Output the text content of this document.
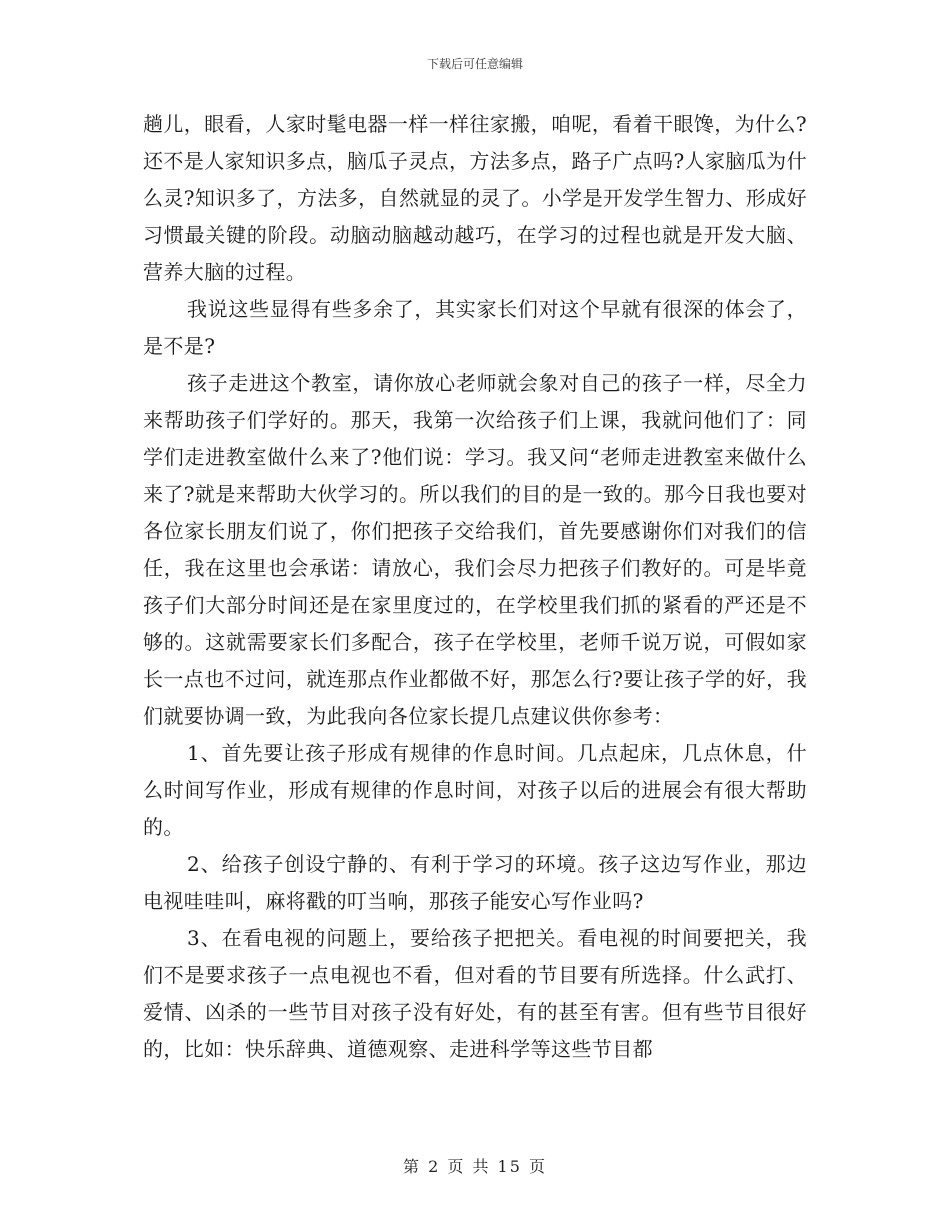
下载后可任意编辑

趟儿，眼看，人家时髦电器一样一样往家搬，咱呢，看着干眼馋，为什么?还不是人家知识多点，脑瓜子灵点，方法多点，路子广点吗?人家脑瓜为什么灵?知识多了，方法多，自然就显的灵了。小学是开发学生智力、形成好习惯最关键的阶段。动脑动脑越动越巧，在学习的过程也就是开发大脑、营养大脑的过程。

我说这些显得有些多余了，其实家长们对这个早就有很深的体会了，是不是?

孩子走进这个教室，请你放心老师就会象对自己的孩子一样，尽全力来帮助孩子们学好的。那天，我第一次给孩子们上课，我就问他们了：同学们走进教室做什么来了?他们说：学习。我又问“老师走进教室来做什么来了?就是来帮助大伙学习的。所以我们的目的是一致的。那今日我也要对各位家长朋友们说了，你们把孩子交给我们，首先要感谢你们对我们的信任，我在这里也会承诺：请放心，我们会尽力把孩子们教好的。可是毕竟孩子们大部分时间还是在家里度过的，在学校里我们抓的紧看的严还是不够的。这就需要家长们多配合，孩子在学校里，老师千说万说，可假如家长一点也不过问，就连那点作业都做不好，那怎么行?要让孩子学的好，我们就要协调一致，为此我向各位家长提几点建议供你参考：

1、首先要让孩子形成有规律的作息时间。几点起床，几点休息，什么时间写作业，形成有规律的作息时间，对孩子以后的进展会有很大帮助的。

2、给孩子创设宁静的、有利于学习的环境。孩子这边写作业，那边电视哇哇叫，麻将戳的叮当响，那孩子能安心写作业吗?

3、在看电视的问题上，要给孩子把把关。看电视的时间要把关，我们不是要求孩子一点电视也不看，但对看的节目要有所选择。什么武打、爱情、凶杀的一些节目对孩子没有好处，有的甚至有害。但有些节目很好的，比如：快乐辞典、道德观察、走进科学等这些节目都

第 2 页 共 15 页
